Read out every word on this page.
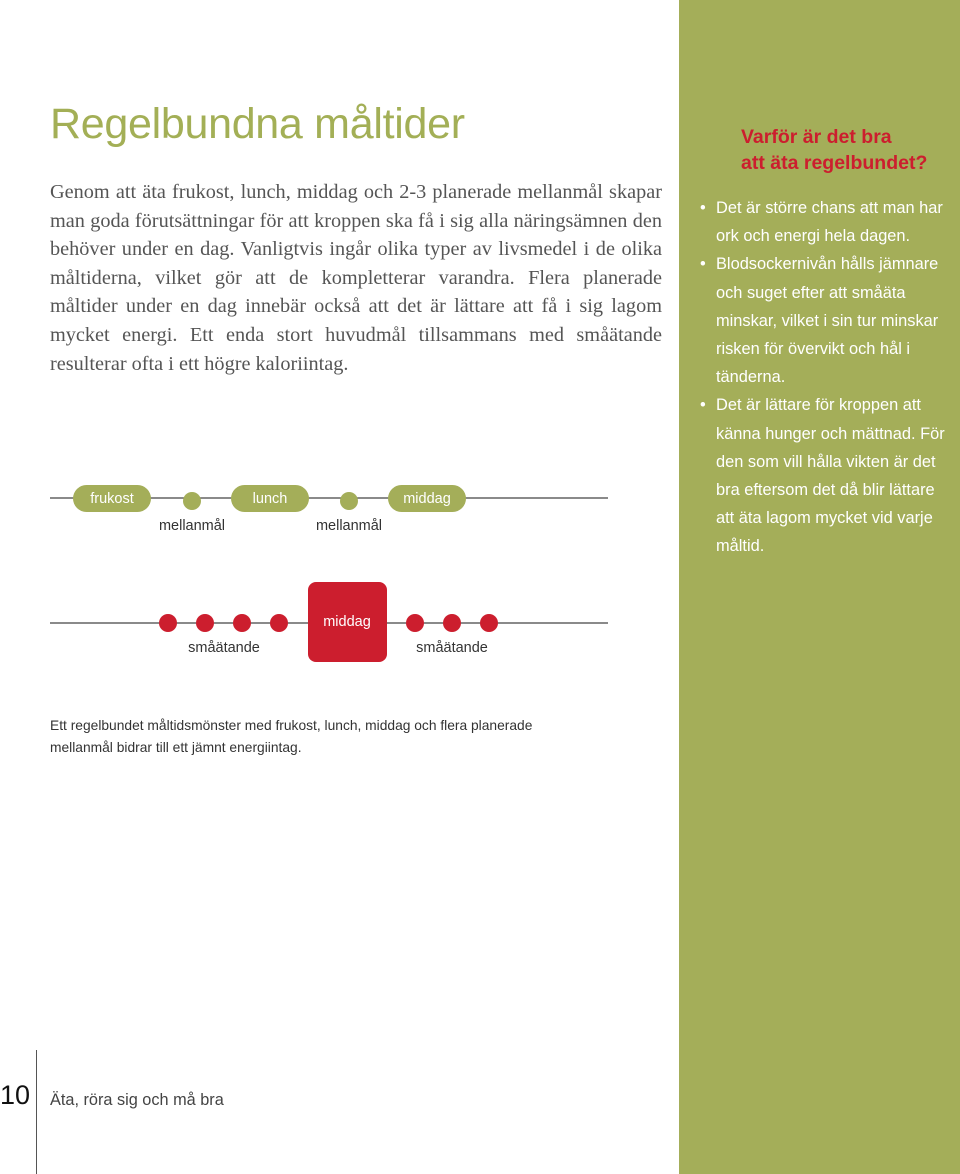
Regelbundna måltider

Genom att äta frukost, lunch, middag och 2-3 planerade mellanmål skapar man goda förutsättningar för att kroppen ska få i sig alla näringsämnen den behöver under en dag. Vanligtvis ingår olika typer av livsmedel i de olika måltiderna, vilket gör att de kompletterar varandra. Flera planerade måltider under en dag innebär också att det är lättare att få i sig lagom mycket energi. Ett enda stort huvudmål tillsammans med småätande resulterar ofta i ett högre kaloriintag.

frukost
mellanmål
lunch
mellanmål
middag
middag
småätande	småätande

Ett regelbundet måltidsmönster med frukost, lunch, middag och flera planerade mellanmål bidrar till ett jämnt energiintag.

Varför är det bra
att äta regelbundet?
• Det är större chans att man har ork och energi hela dagen.
• Blodsockernivån hålls jämnare och suget efter att småäta minskar, vilket i sin tur minskar risken för övervikt och hål i tänderna.
• Det är lättare för kroppen att känna hunger och mättnad. För den som vill hålla vikten är det bra eftersom det då blir lättare att äta lagom mycket vid varje måltid.
10 Äta, röra sig och må bra
